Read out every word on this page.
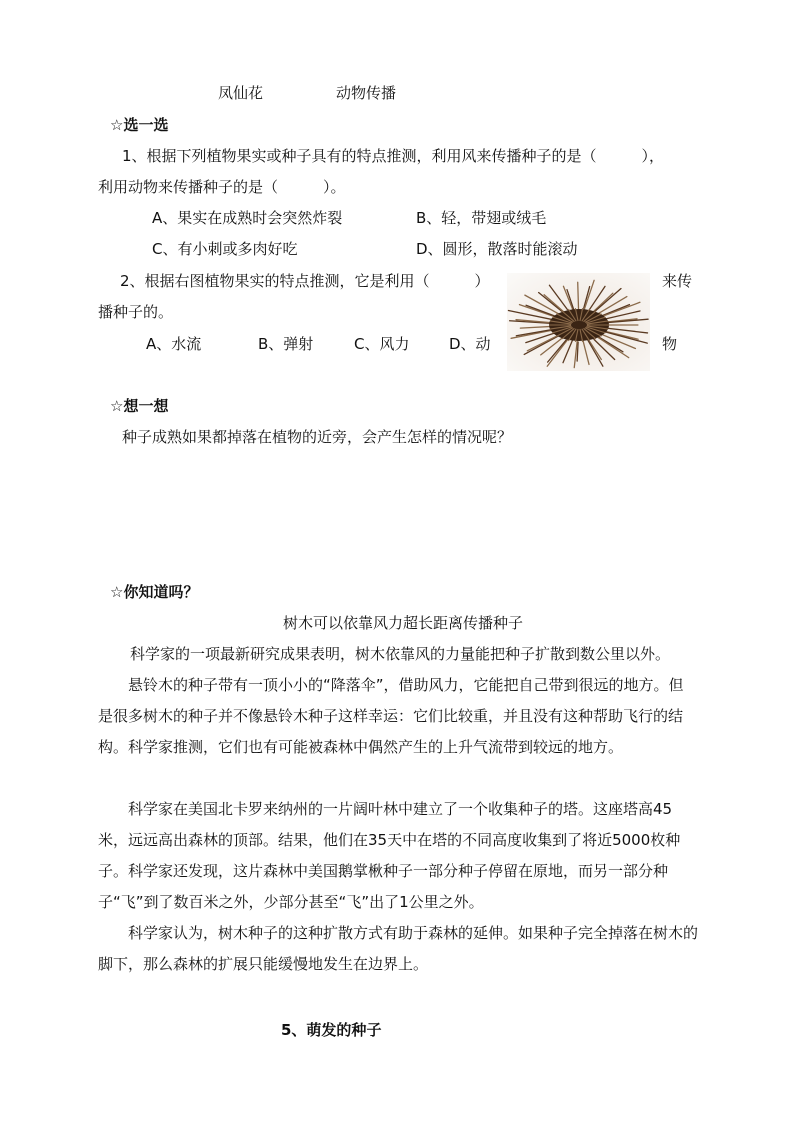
凤仙花	动物传播
☆选一选
1、根据下列植物果实或种子具有的特点推测，利用风来传播种子的是（　　　），
利用动物来传播种子的是（　　　）。
A、果实在成熟时会突然炸裂	B、轻，带翅或绒毛
C、有小刺或多肉好吃	D、圆形，散落时能滚动
2、根据右图植物果实的特点推测，它是利用（　　　）	来传
播种子的。
A、水流	B、弹射	C、风力	D、动	物
☆想一想
种子成熟如果都掉落在植物的近旁，会产生怎样的情况呢？
☆你知道吗？
树木可以依靠风力超长距离传播种子
科学家的一项最新研究成果表明，树木依靠风的力量能把种子扩散到数公里以外。
悬铃木的种子带有一顶小小的“降落伞”，借助风力，它能把自己带到很远的地方。但是很多树木的种子并不像悬铃木种子这样幸运：它们比较重，并且没有这种帮助飞行的结构。科学家推测，它们也有可能被森林中偶然产生的上升气流带到较远的地方。
科学家在美国北卡罗来纳州的一片阔叶林中建立了一个收集种子的塔。这座塔高45米，远远高出森林的顶部。结果，他们在35天中在塔的不同高度收集到了将近5000枚种子。科学家还发现，这片森林中美国鹅掌楸种子一部分种子停留在原地，而另一部分种子“飞”到了数百米之外，少部分甚至“飞”出了1公里之外。
科学家认为，树木种子的这种扩散方式有助于森林的延伸。如果种子完全掉落在树木的脚下，那么森林的扩展只能缓慢地发生在边界上。
5、萌发的种子
